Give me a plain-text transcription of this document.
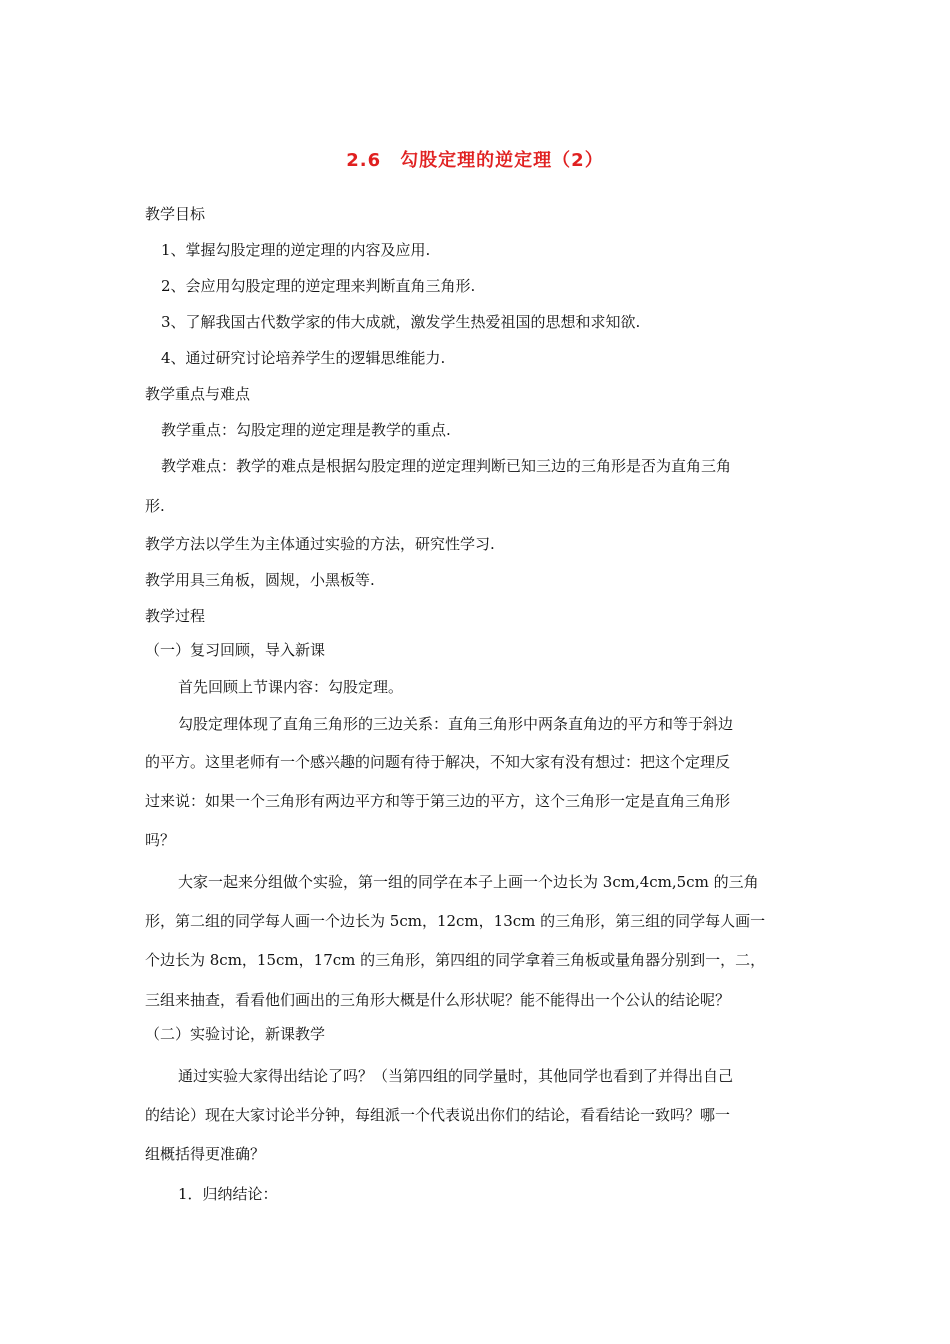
2.6　勾股定理的逆定理（2）
教学目标
1、掌握勾股定理的逆定理的内容及应用.
2、会应用勾股定理的逆定理来判断直角三角形.
3、了解我国古代数学家的伟大成就，激发学生热爱祖国的思想和求知欲.
4、通过研究讨论培养学生的逻辑思维能力.
教学重点与难点
教学重点：勾股定理的逆定理是教学的重点.
教学难点：教学的难点是根据勾股定理的逆定理判断已知三边的三角形是否为直角三角
形.
教学方法以学生为主体通过实验的方法，研究性学习.
教学用具三角板，圆规，小黑板等.
教学过程
（一）复习回顾，导入新课
首先回顾上节课内容：勾股定理。
勾股定理体现了直角三角形的三边关系：直角三角形中两条直角边的平方和等于斜边
的平方。这里老师有一个感兴趣的问题有待于解决，不知大家有没有想过：把这个定理反
过来说：如果一个三角形有两边平方和等于第三边的平方，这个三角形一定是直角三角形
吗？
大家一起来分组做个实验，第一组的同学在本子上画一个边长为 3cm,4cm,5cm 的三角
形，第二组的同学每人画一个边长为 5cm，12cm，13cm 的三角形，第三组的同学每人画一
个边长为 8cm，15cm，17cm 的三角形，第四组的同学拿着三角板或量角器分别到一，二，
三组来抽查，看看他们画出的三角形大概是什么形状呢？能不能得出一个公认的结论呢？
（二）实验讨论，新课教学
通过实验大家得出结论了吗？（当第四组的同学量时，其他同学也看到了并得出自己
的结论）现在大家讨论半分钟，每组派一个代表说出你们的结论，看看结论一致吗？哪一
组概括得更准确？
1．归纳结论：
